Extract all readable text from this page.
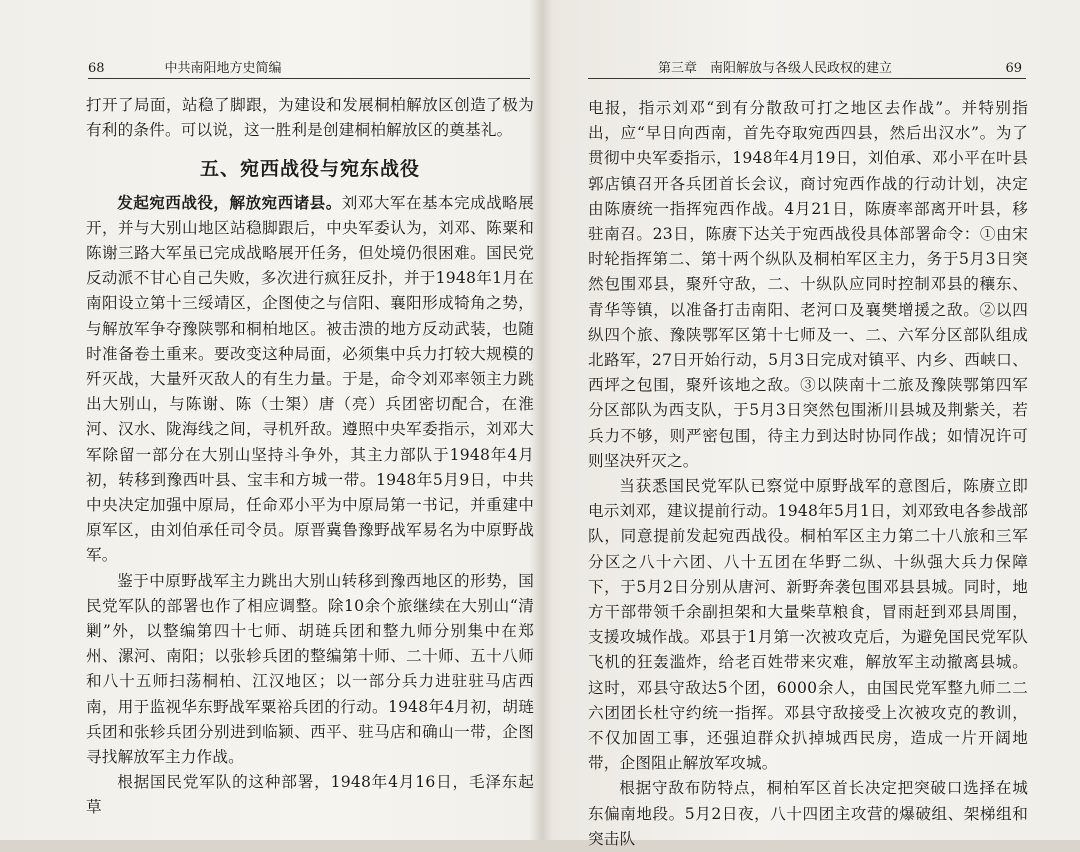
68	中共南阳地方史简编

打开了局面，站稳了脚跟，为建设和发展桐柏解放区创造了极为有利的条件。可以说，这一胜利是创建桐柏解放区的奠基礼。

五、宛西战役与宛东战役

发起宛西战役，解放宛西诸县。刘邓大军在基本完成战略展开，并与大别山地区站稳脚跟后，中央军委认为，刘邓、陈粟和陈谢三路大军虽已完成战略展开任务，但处境仍很困难。国民党反动派不甘心自己失败，多次进行疯狂反扑，并于1948年1月在南阳设立第十三绥靖区，企图使之与信阳、襄阳形成犄角之势，与解放军争夺豫陕鄂和桐柏地区。被击溃的地方反动武装，也随时准备卷土重来。要改变这种局面，必须集中兵力打较大规模的歼灭战，大量歼灭敌人的有生力量。于是，命令刘邓率领主力跳出大别山，与陈谢、陈（士榘）唐（亮）兵团密切配合，在淮河、汉水、陇海线之间，寻机歼敌。遵照中央军委指示，刘邓大军除留一部分在大别山坚持斗争外，其主力部队于1948年4月初，转移到豫西叶县、宝丰和方城一带。1948年5月9日，中共中央决定加强中原局，任命邓小平为中原局第一书记，并重建中原军区，由刘伯承任司令员。原晋冀鲁豫野战军易名为中原野战军。

鉴于中原野战军主力跳出大别山转移到豫西地区的形势，国民党军队的部署也作了相应调整。除10余个旅继续在大别山“清剿”外，以整编第四十七师、胡琏兵团和整九师分别集中在郑州、漯河、南阳；以张轸兵团的整编第十师、二十师、五十八师和八十五师扫荡桐柏、江汉地区；以一部分兵力进驻驻马店西南，用于监视华东野战军粟裕兵团的行动。1948年4月初，胡琏兵团和张轸兵团分别进到临颍、西平、驻马店和确山一带，企图寻找解放军主力作战。

根据国民党军队的这种部署，1948年4月16日，毛泽东起草

第三章　南阳解放与各级人民政权的建立	69

电报，指示刘邓“到有分散敌可打之地区去作战”。并特别指出，应“早日向西南，首先夺取宛西四县，然后出汉水”。为了贯彻中央军委指示，1948年4月19日，刘伯承、邓小平在叶县郭店镇召开各兵团首长会议，商讨宛西作战的行动计划，决定由陈赓统一指挥宛西作战。4月21日，陈赓率部离开叶县，移驻南召。23日，陈赓下达关于宛西战役具体部署命令：①由宋时轮指挥第二、第十两个纵队及桐柏军区主力，务于5月3日突然包围邓县，聚歼守敌，二、十纵队应同时控制邓县的穰东、青华等镇，以准备打击南阳、老河口及襄樊增援之敌。②以四纵四个旅、豫陕鄂军区第十七师及一、二、六军分区部队组成北路军，27日开始行动，5月3日完成对镇平、内乡、西峡口、西坪之包围，聚歼该地之敌。③以陕南十二旅及豫陕鄂第四军分区部队为西支队，于5月3日突然包围淅川县城及荆紫关，若兵力不够，则严密包围，待主力到达时协同作战；如情况许可则坚决歼灭之。

当获悉国民党军队已察觉中原野战军的意图后，陈赓立即电示刘邓，建议提前行动。1948年5月1日，刘邓致电各参战部队，同意提前发起宛西战役。桐柏军区主力第二十八旅和三军分区之八十六团、八十五团在华野二纵、十纵强大兵力保障下，于5月2日分别从唐河、新野奔袭包围邓县县城。同时，地方干部带领千余副担架和大量柴草粮食，冒雨赶到邓县周围，支援攻城作战。邓县于1月第一次被攻克后，为避免国民党军队飞机的狂轰滥炸，给老百姓带来灾难，解放军主动撤离县城。这时，邓县守敌达5个团，6000余人，由国民党军整九师二二六团团长杜守约统一指挥。邓县守敌接受上次被攻克的教训，不仅加固工事，还强迫群众扒掉城西民房，造成一片开阔地带，企图阻止解放军攻城。

根据守敌布防特点，桐柏军区首长决定把突破口选择在城东偏南地段。5月2日夜，八十四团主攻营的爆破组、架梯组和突击队
